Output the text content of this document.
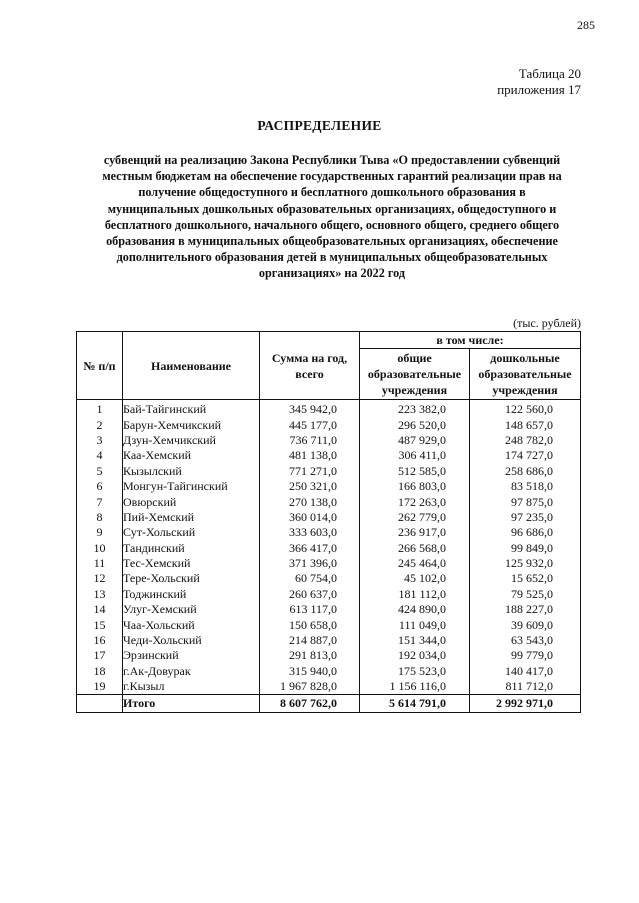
285
Таблица 20
приложения 17
РАСПРЕДЕЛЕНИЕ
субвенций на реализацию Закона Республики Тыва «О предоставлении субвенций
местным бюджетам на обеспечение государственных гарантий реализации прав на
получение общедоступного и бесплатного дошкольного образования в
муниципальных дошкольных образовательных организациях, общедоступного и
бесплатного дошкольного, начального общего, основного общего, среднего общего
образования в муниципальных общеобразовательных организациях, обеспечение
дополнительного образования детей в муниципальных общеобразовательных
организациях» на 2022 год
(тыс. рублей)
№ п/п	Наименование	Сумма на год, всего	в том числе:	
			общие образовательные учреждения	дошкольные образовательные учреждения
1	Бай-Тайгинский	345 942,0	223 382,0	122 560,0
2	Барун-Хемчикский	445 177,0	296 520,0	148 657,0
3	Дзун-Хемчикский	736 711,0	487 929,0	248 782,0
4	Каа-Хемский	481 138,0	306 411,0	174 727,0
5	Кызылский	771 271,0	512 585,0	258 686,0
6	Монгун-Тайгинский	250 321,0	166 803,0	83 518,0
7	Овюрский	270 138,0	172 263,0	97 875,0
8	Пий-Хемский	360 014,0	262 779,0	97 235,0
9	Сут-Хольский	333 603,0	236 917,0	96 686,0
10	Тандинский	366 417,0	266 568,0	99 849,0
11	Тес-Хемский	371 396,0	245 464,0	125 932,0
12	Тере-Хольский	60 754,0	45 102,0	15 652,0
13	Тоджинский	260 637,0	181 112,0	79 525,0
14	Улуг-Хемский	613 117,0	424 890,0	188 227,0
15	Чаа-Хольский	150 658,0	111 049,0	39 609,0
16	Чеди-Хольский	214 887,0	151 344,0	63 543,0
17	Эрзинский	291 813,0	192 034,0	99 779,0
18	г.Ак-Довурак	315 940,0	175 523,0	140 417,0
19	г.Кызыл	1 967 828,0	1 156 116,0	811 712,0
	Итого	8 607 762,0	5 614 791,0	2 992 971,0
